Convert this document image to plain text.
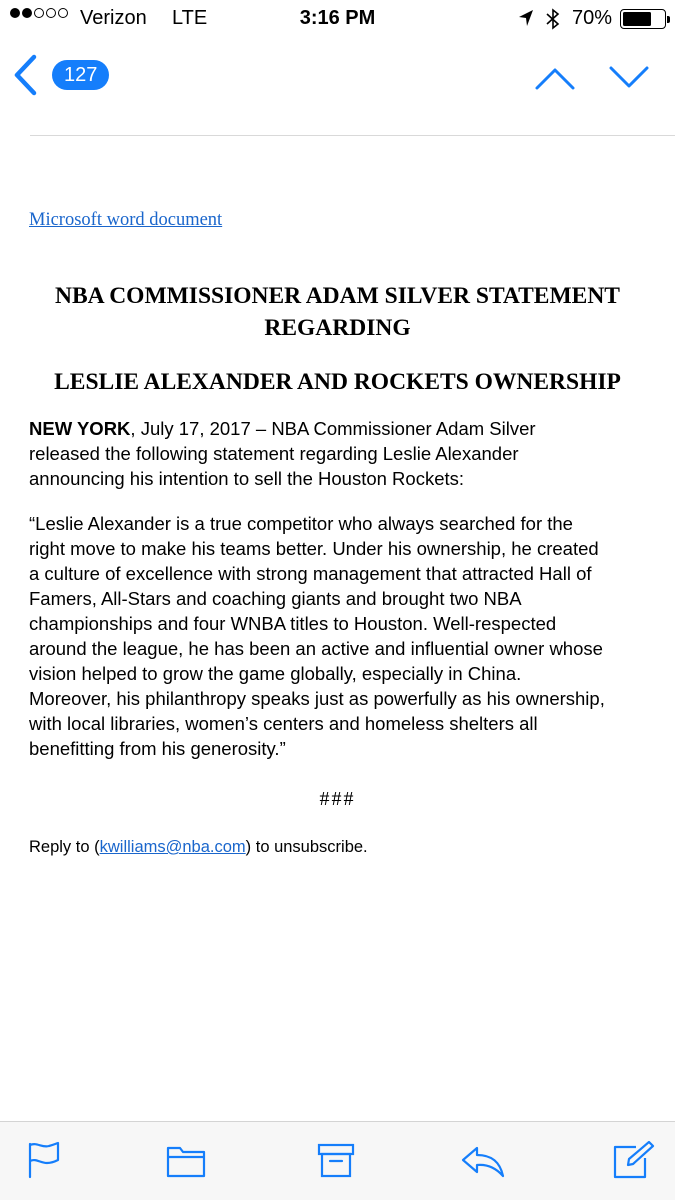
Verizon LTE	3:16 PM	70%
127
Microsoft word document
NBA COMMISSIONER ADAM SILVER STATEMENT
REGARDING
LESLIE ALEXANDER AND ROCKETS OWNERSHIP
NEW YORK, July 17, 2017 – NBA Commissioner Adam Silver
released the following statement regarding Leslie Alexander
announcing his intention to sell the Houston Rockets:
“Leslie Alexander is a true competitor who always searched for the
right move to make his teams better. Under his ownership, he created
a culture of excellence with strong management that attracted Hall of
Famers, All-Stars and coaching giants and brought two NBA
championships and four WNBA titles to Houston. Well-respected
around the league, he has been an active and influential owner whose
vision helped to grow the game globally, especially in China.
Moreover, his philanthropy speaks just as powerfully as his ownership,
with local libraries, women’s centers and homeless shelters all
benefitting from his generosity.”
###
Reply to (kwilliams@nba.com) to unsubscribe.
